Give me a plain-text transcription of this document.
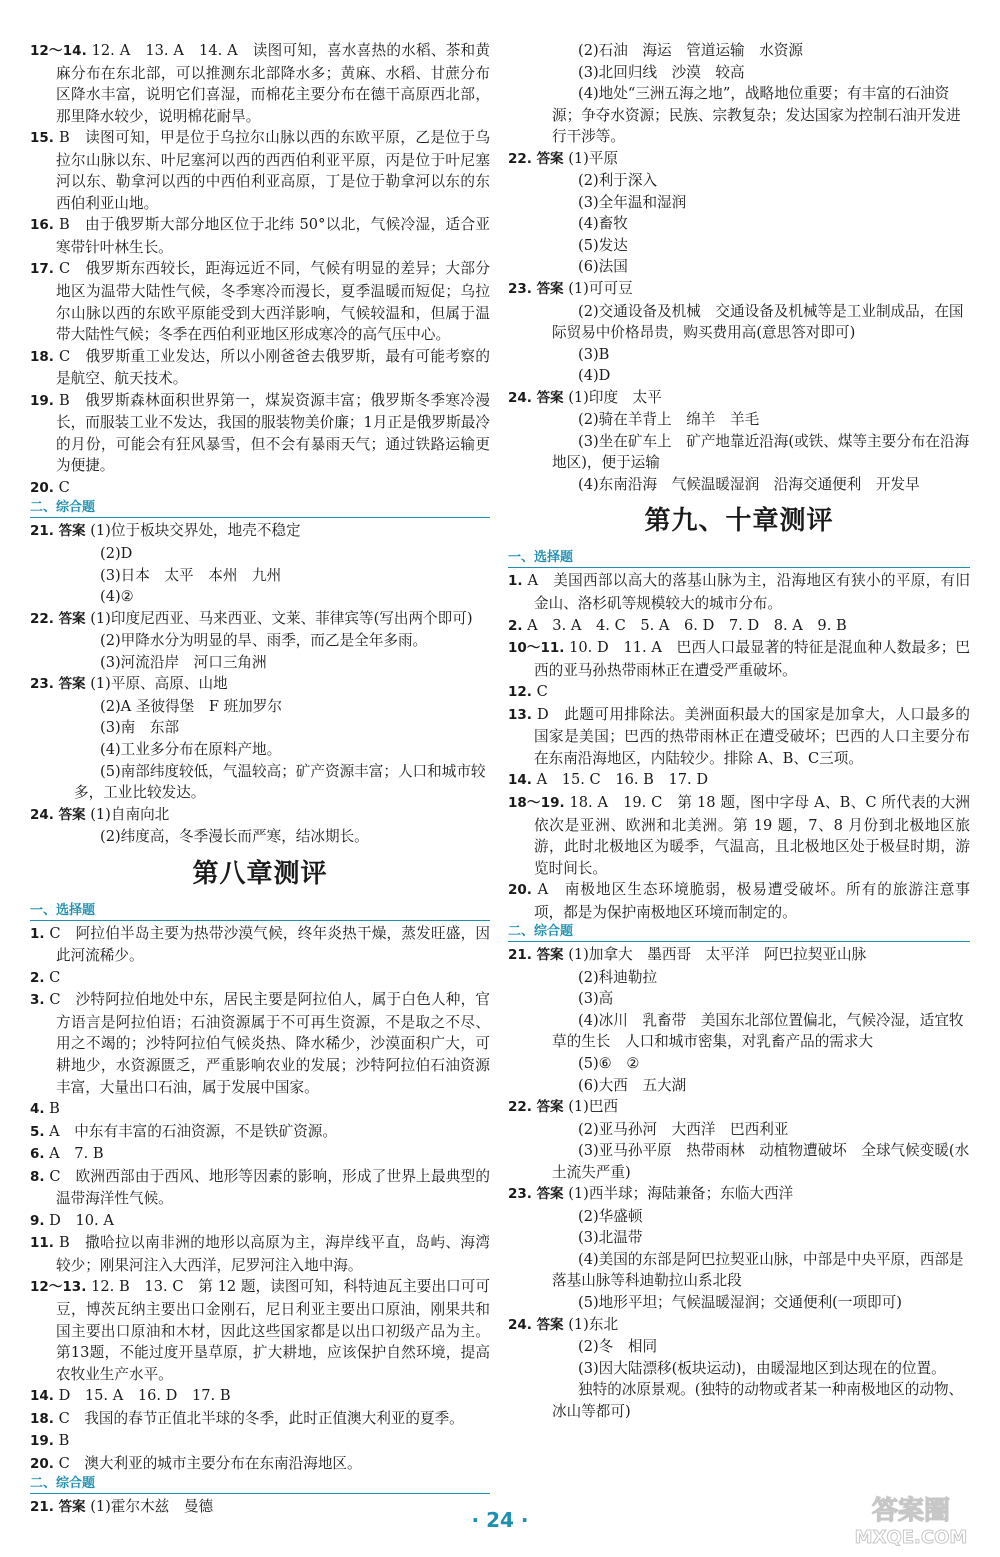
12～14. 12. A　13. A　14. A　读图可知，喜水喜热的水稻、茶和黄麻分布在东北部，可以推测东北部降水多；黄麻、水稻、甘蔗分布区降水丰富，说明它们喜湿，而棉花主要分布在德干高原西北部，那里降水较少，说明棉花耐旱。

15. B　读图可知，甲是位于乌拉尔山脉以西的东欧平原，乙是位于乌拉尔山脉以东、叶尼塞河以西的西西伯利亚平原，丙是位于叶尼塞河以东、勒拿河以西的中西伯利亚高原，丁是位于勒拿河以东的东西伯利亚山地。

16. B　由于俄罗斯大部分地区位于北纬 50°以北，气候冷湿，适合亚寒带针叶林生长。

17. C　俄罗斯东西较长，距海远近不同，气候有明显的差异；大部分地区为温带大陆性气候，冬季寒冷而漫长，夏季温暖而短促；乌拉尔山脉以西的东欧平原能受到大西洋影响，气候较温和，但属于温带大陆性气候；冬季在西伯利亚地区形成寒冷的高气压中心。

18. C　俄罗斯重工业发达，所以小刚爸爸去俄罗斯，最有可能考察的是航空、航天技术。

19. B　俄罗斯森林面积世界第一，煤炭资源丰富；俄罗斯冬季寒冷漫长，而服装工业不发达，我国的服装物美价廉；1月正是俄罗斯最冷的月份，可能会有狂风暴雪，但不会有暴雨天气；通过铁路运输更为便捷。

20. C

二、综合题

21. 答案 (1)位于板块交界处，地壳不稳定

(2)D

(3)日本　太平　本州　九州

(4)②

22. 答案 (1)印度尼西亚、马来西亚、文莱、菲律宾等(写出两个即可)

(2)甲降水分为明显的旱、雨季，而乙是全年多雨。

(3)河流沿岸　河口三角洲

23. 答案 (1)平原、高原、山地

(2)A 圣彼得堡　F 班加罗尔

(3)南　东部

(4)工业多分布在原料产地。

(5)南部纬度较低，气温较高；矿产资源丰富；人口和城市较多，工业比较发达。

24. 答案 (1)自南向北

(2)纬度高，冬季漫长而严寒，结冰期长。

第八章测评

一、选择题

1. C　阿拉伯半岛主要为热带沙漠气候，终年炎热干燥，蒸发旺盛，因此河流稀少。

2. C

3. C　沙特阿拉伯地处中东，居民主要是阿拉伯人，属于白色人种，官方语言是阿拉伯语；石油资源属于不可再生资源，不是取之不尽、用之不竭的；沙特阿拉伯气候炎热、降水稀少，沙漠面积广大，可耕地少，水资源匮乏，严重影响农业的发展；沙特阿拉伯石油资源丰富，大量出口石油，属于发展中国家。

4. B

5. A　中东有丰富的石油资源，不是铁矿资源。

6. A　7. B

8. C　欧洲西部由于西风、地形等因素的影响，形成了世界上最典型的温带海洋性气候。

9. D　10. A

11. B　撒哈拉以南非洲的地形以高原为主，海岸线平直，岛屿、海湾较少；刚果河注入大西洋，尼罗河注入地中海。

12～13. 12. B　13. C　第 12 题，读图可知，科特迪瓦主要出口可可豆，博茨瓦纳主要出口金刚石，尼日利亚主要出口原油，刚果共和国主要出口原油和木材，因此这些国家都是以出口初级产品为主。第13题，不能过度开垦草原，扩大耕地，应该保护自然环境，提高农牧业生产水平。

14. D　15. A　16. D　17. B

18. C　我国的春节正值北半球的冬季，此时正值澳大利亚的夏季。

19. B

20. C　澳大利亚的城市主要分布在东南沿海地区。

二、综合题

21. 答案 (1)霍尔木兹　曼德

(2)石油　海运　管道运输　水资源

(3)北回归线　沙漠　较高

(4)地处“三洲五海之地”，战略地位重要；有丰富的石油资源；争夺水资源；民族、宗教复杂；发达国家为控制石油开发进行干涉等。

22. 答案 (1)平原

(2)利于深入

(3)全年温和湿润

(4)畜牧

(5)发达

(6)法国

23. 答案 (1)可可豆

(2)交通设备及机械　交通设备及机械等是工业制成品，在国际贸易中价格昂贵，购买费用高(意思答对即可)

(3)B

(4)D

24. 答案 (1)印度　太平

(2)骑在羊背上　绵羊　羊毛

(3)坐在矿车上　矿产地靠近沿海(或铁、煤等主要分布在沿海地区)，便于运输

(4)东南沿海　气候温暖湿润　沿海交通便利　开发早

第九、十章测评

一、选择题

1. A　美国西部以高大的落基山脉为主，沿海地区有狭小的平原，有旧金山、洛杉矶等规模较大的城市分布。

2. A　3. A　4. C　5. A　6. D　7. D　8. A　9. B

10～11. 10. D　11. A　巴西人口最显著的特征是混血种人数最多；巴西的亚马孙热带雨林正在遭受严重破坏。

12. C

13. D　此题可用排除法。美洲面积最大的国家是加拿大，人口最多的国家是美国；巴西的热带雨林正在遭受破坏；巴西的人口主要分布在东南沿海地区，内陆较少。排除 A、B、C三项。

14. A　15. C　16. B　17. D

18～19. 18. A　19. C　第 18 题，图中字母 A、B、C 所代表的大洲依次是亚洲、欧洲和北美洲。第 19 题，7、8 月份到北极地区旅游，此时北极地区为暖季，气温高，且北极地区处于极昼时期，游览时间长。

20. A　南极地区生态环境脆弱，极易遭受破坏。所有的旅游注意事项，都是为保护南极地区环境而制定的。

二、综合题

21. 答案 (1)加拿大　墨西哥　太平洋　阿巴拉契亚山脉

(2)科迪勒拉

(3)高

(4)冰川　乳畜带　美国东北部位置偏北，气候冷湿，适宜牧草的生长　人口和城市密集，对乳畜产品的需求大

(5)⑥　②

(6)大西　五大湖

22. 答案 (1)巴西

(2)亚马孙河　大西洋　巴西利亚

(3)亚马孙平原　热带雨林　动植物遭破坏　全球气候变暖(水土流失严重)

23. 答案 (1)西半球；海陆兼备；东临大西洋

(2)华盛顿

(3)北温带

(4)美国的东部是阿巴拉契亚山脉，中部是中央平原，西部是落基山脉等科迪勒拉山系北段

(5)地形平坦；气候温暖湿润；交通便利(一项即可)

24. 答案 (1)东北

(2)冬　相同

(3)因大陆漂移(板块运动)，由暖湿地区到达现在的位置。

独特的冰原景观。(独特的动物或者某一种南极地区的动物、冰山等都可)

· 24 ·	答案圈
MXQE.COM
